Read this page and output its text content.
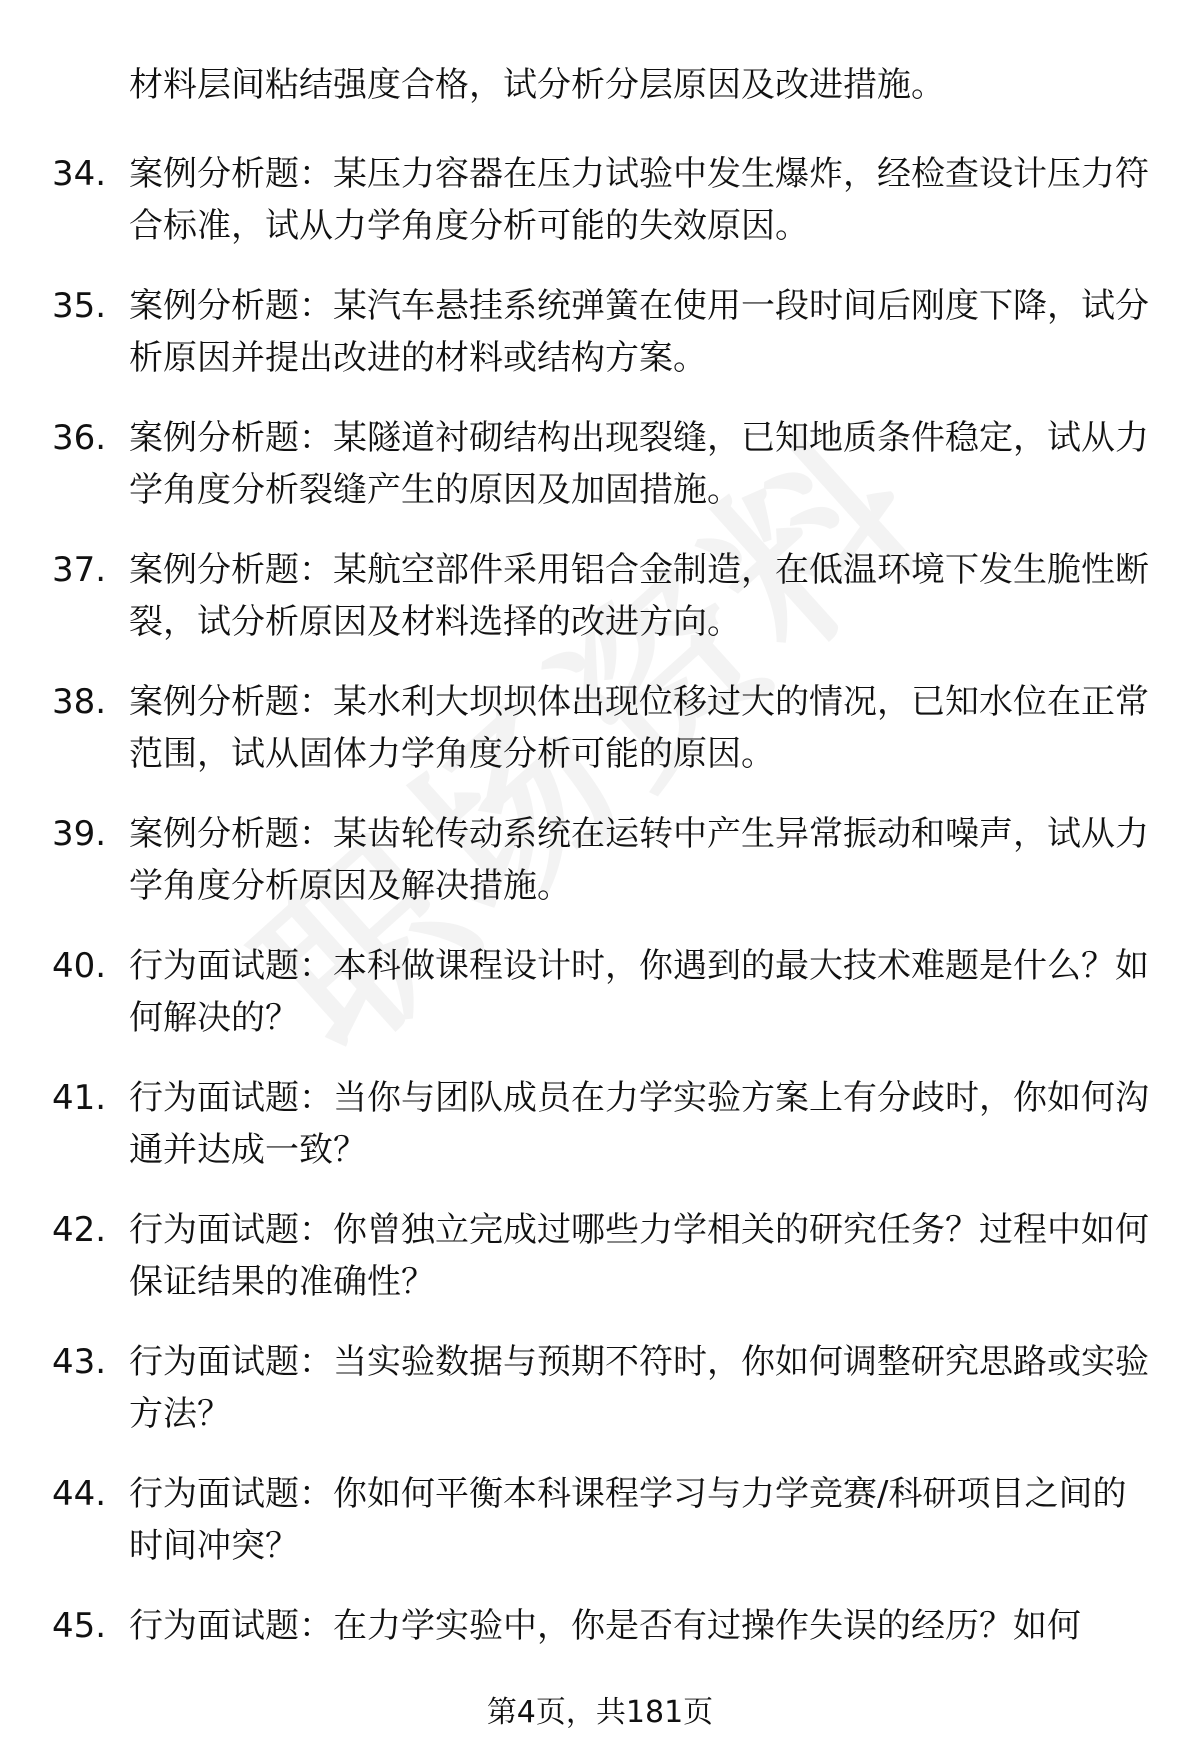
材料层间粘结强度合格，试分析分层原因及改进措施。
34. 案例分析题：某压力容器在压力试验中发生爆炸，经检查设计压力符合标准，试从力学角度分析可能的失效原因。
35. 案例分析题：某汽车悬挂系统弹簧在使用一段时间后刚度下降，试分析原因并提出改进的材料或结构方案。
36. 案例分析题：某隧道衬砌结构出现裂缝，已知地质条件稳定，试从力学角度分析裂缝产生的原因及加固措施。
37. 案例分析题：某航空部件采用铝合金制造，在低温环境下发生脆性断裂，试分析原因及材料选择的改进方向。
38. 案例分析题：某水利大坝坝体出现位移过大的情况，已知水位在正常范围，试从固体力学角度分析可能的原因。
39. 案例分析题：某齿轮传动系统在运转中产生异常振动和噪声，试从力学角度分析原因及解决措施。
40. 行为面试题：本科做课程设计时，你遇到的最大技术难题是什么？如何解决的？
41. 行为面试题：当你与团队成员在力学实验方案上有分歧时，你如何沟通并达成一致？
42. 行为面试题：你曾独立完成过哪些力学相关的研究任务？过程中如何保证结果的准确性？
43. 行为面试题：当实验数据与预期不符时，你如何调整研究思路或实验方法？
44. 行为面试题：你如何平衡本科课程学习与力学竞赛/科研项目之间的时间冲突？
45. 行为面试题：在力学实验中，你是否有过操作失误的经历？如何
第4页，共181页
